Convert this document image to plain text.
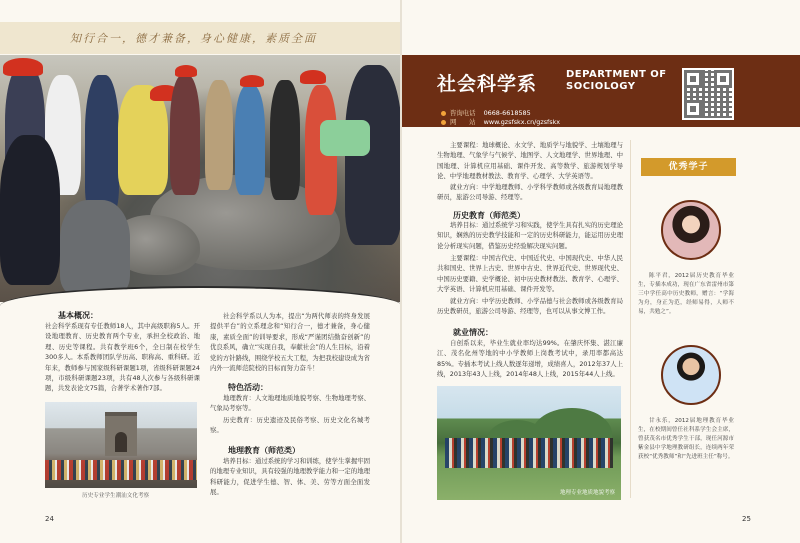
知行合一，德才兼备，身心健康，素质全面
基本概况：
社会科学系现有专任教师18人，其中高级职称5人。开设地理教育、历史教育两个专业，承担全校政治、地理、历史等课程。共有教学班6个，全日制在校学生300多人。本系教师团队学历高、职称高、重科研。近年来，教师参与国家级科研课题1项，省级科研课题24项，市级科研课题23项，共有48人次参与各级科研课题，共发表论文75篇，合著学术著作7部。
社会科学系以人为本，提出“为两代师表的终身发展提供平台”的立系理念和“知行合一，德才兼备，身心健康，素质全面”的训导要求，形成“严谨团结勤奋创新”的优良系风，确立“实现自我，奉献社会”的人生目标，沿着党的方针路线，围绕学校五大工程，为把我校建设成为省内外一流师范院校的目标而努力奋斗！
特色活动：
地理教育：人文地理地质地貌考察、生物地理考察、气象局考察等。
历史教育：历史遗迹及民俗考察、历史文化名城考察。
地理教育（师范类）
培养目标：通过系统的学习和训练，使学生掌握牢固的地理专业知识，具有较强的地理教学能力和一定的地理科研能力，促进学生德、智、体、美、劳等方面全面发展。
历史专业学生潮汕文化考察
24
社会科学系	DEPARTMENT OF SOCIOLOGY
咨询电话 0668-6618585
网　　站 www.gzsfskx.cn/gzsfskx
主要课程：地球概论、水文学、地质学与地貌学、土壤地理与生物地理、气象学与气候学、地图学、人文地理学、世界地理、中国地理、计算机应用基础、课件开发、高等数学、旅游规划学导论、中学地理教材教法、教育学、心理学、大学英语等。
就业方向：中学地理教师、小学科学教师或各级教育局地理教研员，旅游公司导游、经理等。
历史教育（师范类）
培养目标：通过系统学习和实践，使学生具有扎实的历史理论知识，娴熟的历史教学技能和一定的历史科研能力，能运用历史理论分析现实问题，借鉴历史经验解决现实问题。
主要课程：中国古代史、中国近代史、中国现代史、中华人民共和国史、世界上古史、世界中古史、世界近代史、世界现代史、中国历史要籍、史学概论、初中历史教材教法、教育学、心理学、大学英语、计算机应用基础、课件开发等。
就业方向：中学历史教师、小学品德与社会教师或各级教育局历史教研员，旅游公司导游、经理等，也可以从事文博工作。
就业情况：
自创系以来，毕业生就业率均达99%。在肇庆怀集、湛江廉江、茂名化州等地的中小学教师上岗教考试中，录用率都高达85%。专插本考试上线人数逐年递增，成绩喜人，2012年37人上线，2013年43人上线，2014年48人上线，2015年44人上线。
地理专业地质地貌考察
优秀学子
陈平君，2012届历史教育毕业生，专插本成功，现在广东省雷州市第三中学任高中历史教师，赠言：“学海为舟，身正为范，经师易得，人师不易，共勉之”。
甘永乐，2012届地理教育毕业生，在校期间曾任社科系学生会主席，曾获茂名市优秀学生干部，现任河源市紫金县中学地理教研组长，连续两年荣获校“优秀教师”和“先进班主任”称号。
25
